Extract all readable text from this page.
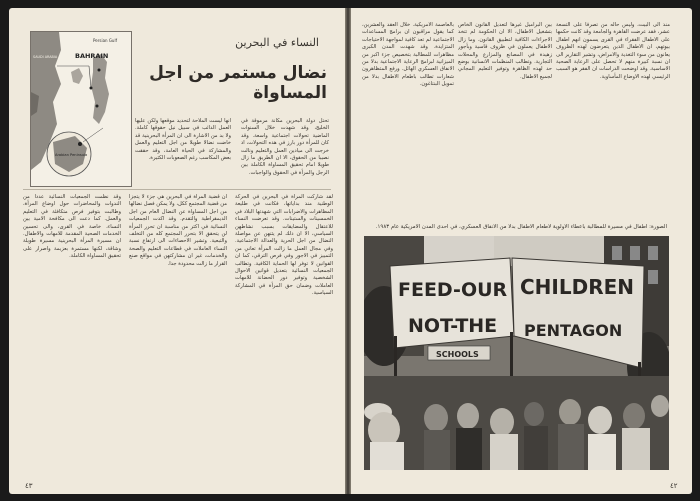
Persian Gulf
BAHRAIN
SAUDI ARABIA
Arabian Peninsula
النساء في البحرين
نضال مستمر من اجل المساواة

تحتل دولة البحرين مكانة مرموقة في الخليج، وقد شهدت خلال السنوات الماضية تحولات اجتماعية واسعة. وقد كان للمرأة دور بارز في هذه التحولات، اذ خرجت الى ميادين العمل والتعليم ونالت نصيبا من الحقوق، الا ان الطريق ما زال طويلا امام تحقيق المساواة الكاملة بين الرجل والمرأة في الحقوق والواجبات.

انها ليست الملاحة لتحديد موقعها ولكن عليها العمل الدائب في سبيل نيل حقوقها كاملة. ولا بد من الاشارة الى ان المرأة البحرينية قد خاضت نضالا طويلا من اجل التعليم والعمل والمشاركة في الحياة العامة، وقد حققت بعض المكاسب رغم الصعوبات الكثيرة.

لقد شاركت المرأة في البحرين في الحركة الوطنية منذ بداياتها، فكانت في طليعة المظاهرات والاضرابات التي شهدتها البلاد في الخمسينات والستينات. وقد تعرضت النساء للاعتقال والمضايقات بسبب نشاطهن السياسي، الا ان ذلك لم يثنهن عن مواصلة النضال من اجل الحرية والعدالة الاجتماعية. وفي مجال العمل ما زالت المرأة تعاني من التمييز في الاجور وفي فرص الترقي، كما ان القوانين لا توفر لها الحماية الكافية. وتطالب الجمعيات النسائية بتعديل قوانين الاحوال الشخصية وتوفير دور الحضانة للامهات العاملات وضمان حق المرأة في المشاركة السياسية.

ان قضية المرأة في البحرين هي جزء لا يتجزأ من قضية المجتمع ككل، ولا يمكن فصل نضالها من اجل المساواة عن النضال العام من اجل الديمقراطية والتقدم. وقد اكدت الجمعيات النسائية في اكثر من مناسبة ان تحرر المرأة لن يتحقق الا بتحرر المجتمع كله من التخلف والتبعية. وتشير الاحصاءات الى ارتفاع نسبة النساء العاملات في قطاعات التعليم والصحة والخدمات، غير ان مشاركتهن في مواقع صنع القرار ما زالت محدودة جدا.

وقد نظمت الجمعيات النسائية عددا من الندوات والمحاضرات حول اوضاع المرأة، وطالبت بتوفير فرص متكافئة في التعليم والعمل. كما دعت الى مكافحة الامية بين النساء، خاصة في القرى، والى تحسين الخدمات الصحية المقدمة للامهات والاطفال. ان مسيرة المرأة البحرينية مسيرة طويلة وشاقة، لكنها مستمرة بعزيمة واصرار على تحقيق المساواة الكاملة.

٤٣

منذ الى البيت، وليس حاله من تصرفا على التسعة عشر، فقد عرضت القاهرة والجامعة وقد كانت حكمها على الاطفال الفقراء في القرى يسمون انهم اطفال بيوتهم، ان الاطفال الذين يتعرضون لهذه الظروف يعانون من سوء التغذية والامراض، وتشير التقارير الى ان نسبة كبيرة منهم لا تحصل على الرعاية الصحية الاساسية. وقد اوضحت الدراسات ان الفقر هو السبب الرئيسي لهذه الاوضاع المأساوية.

بين البراميل غيرها لتعديل القانون الخاص بتشغيل الاطفال، الا ان الحكومة لم تتخذ الاجراءات الكافية لتطبيق القانون. وما زال الاطفال يعملون في ظروف قاسية وبأجور زهيدة في المصانع والمزارع والمحلات التجارية. وتطالب المنظمات الانسانية بوضع حد لهذه الظاهرة وتوفير التعليم المجاني لجميع الاطفال.

بالعاصمة الامريكية. خلال العقد والعشرين، كما يقول مراقبون ان برامج المساعدات الاجتماعية لم تعد كافية لمواجهة الاحتياجات المتزايدة. وقد شهدت المدن الكبرى مظاهرات للمطالبة بتخصيص جزء اكبر من الميزانية لبرامج الرعاية الاجتماعية بدلا من الانفاق العسكري الهائل. ورفع المتظاهرون شعارات تطالب باطعام الاطفال بدلا من تمويل البنتاغون.

الصورة: اطفال في مسيرة للمطالبة باعطاء الاولوية لاطعام الاطفال بدلا من الانفاق العسكري، في احدى المدن الامريكية عام ١٩٨٣.
FEED-OUR
NOT-THE
CHILDREN
PENTAGON
SCHOOLS
٤٢
